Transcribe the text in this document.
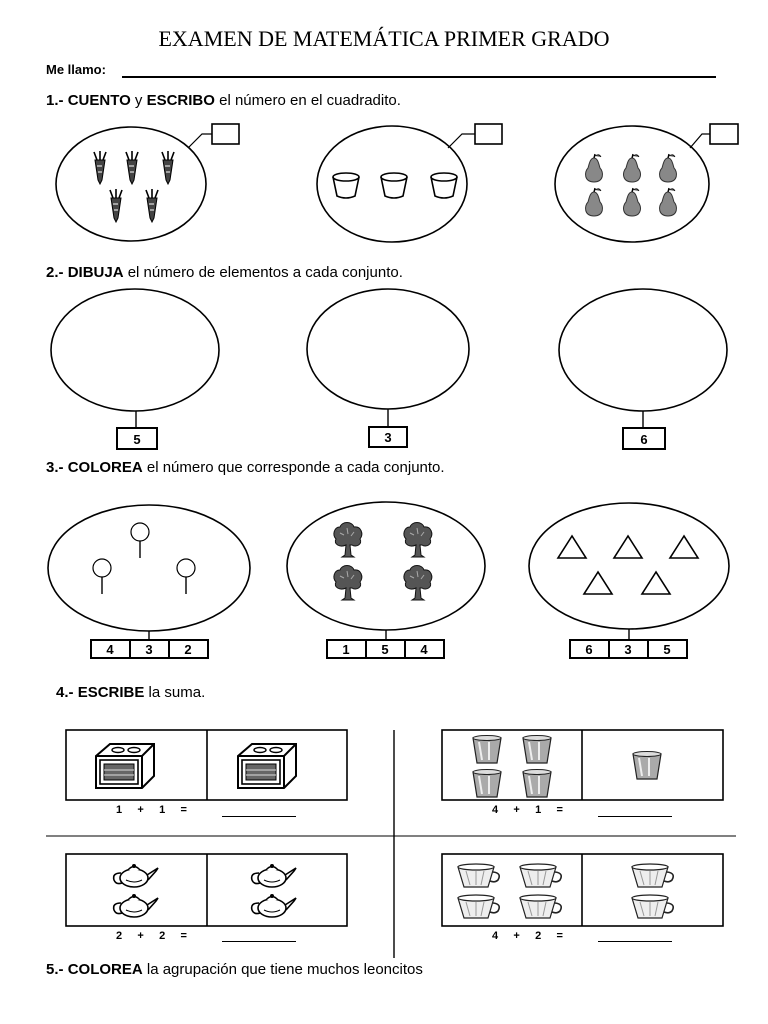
EXAMEN DE MATEMÁTICA PRIMER GRADO
Me llamo:
1.- CUENTO y ESCRIBO el número en el cuadradito.
2.- DIBUJA el número de elementos a cada conjunto.
3.- COLOREA el número que corresponde a cada conjunto.
4.- ESCRIBE la suma.
5.- COLOREA la agrupación que tiene muchos leoncitos
5	3	6
4 3 2	1 5 4	6 3 5
1 + 1 =	4 + 1 =
2 + 2 =	4 + 2 =
